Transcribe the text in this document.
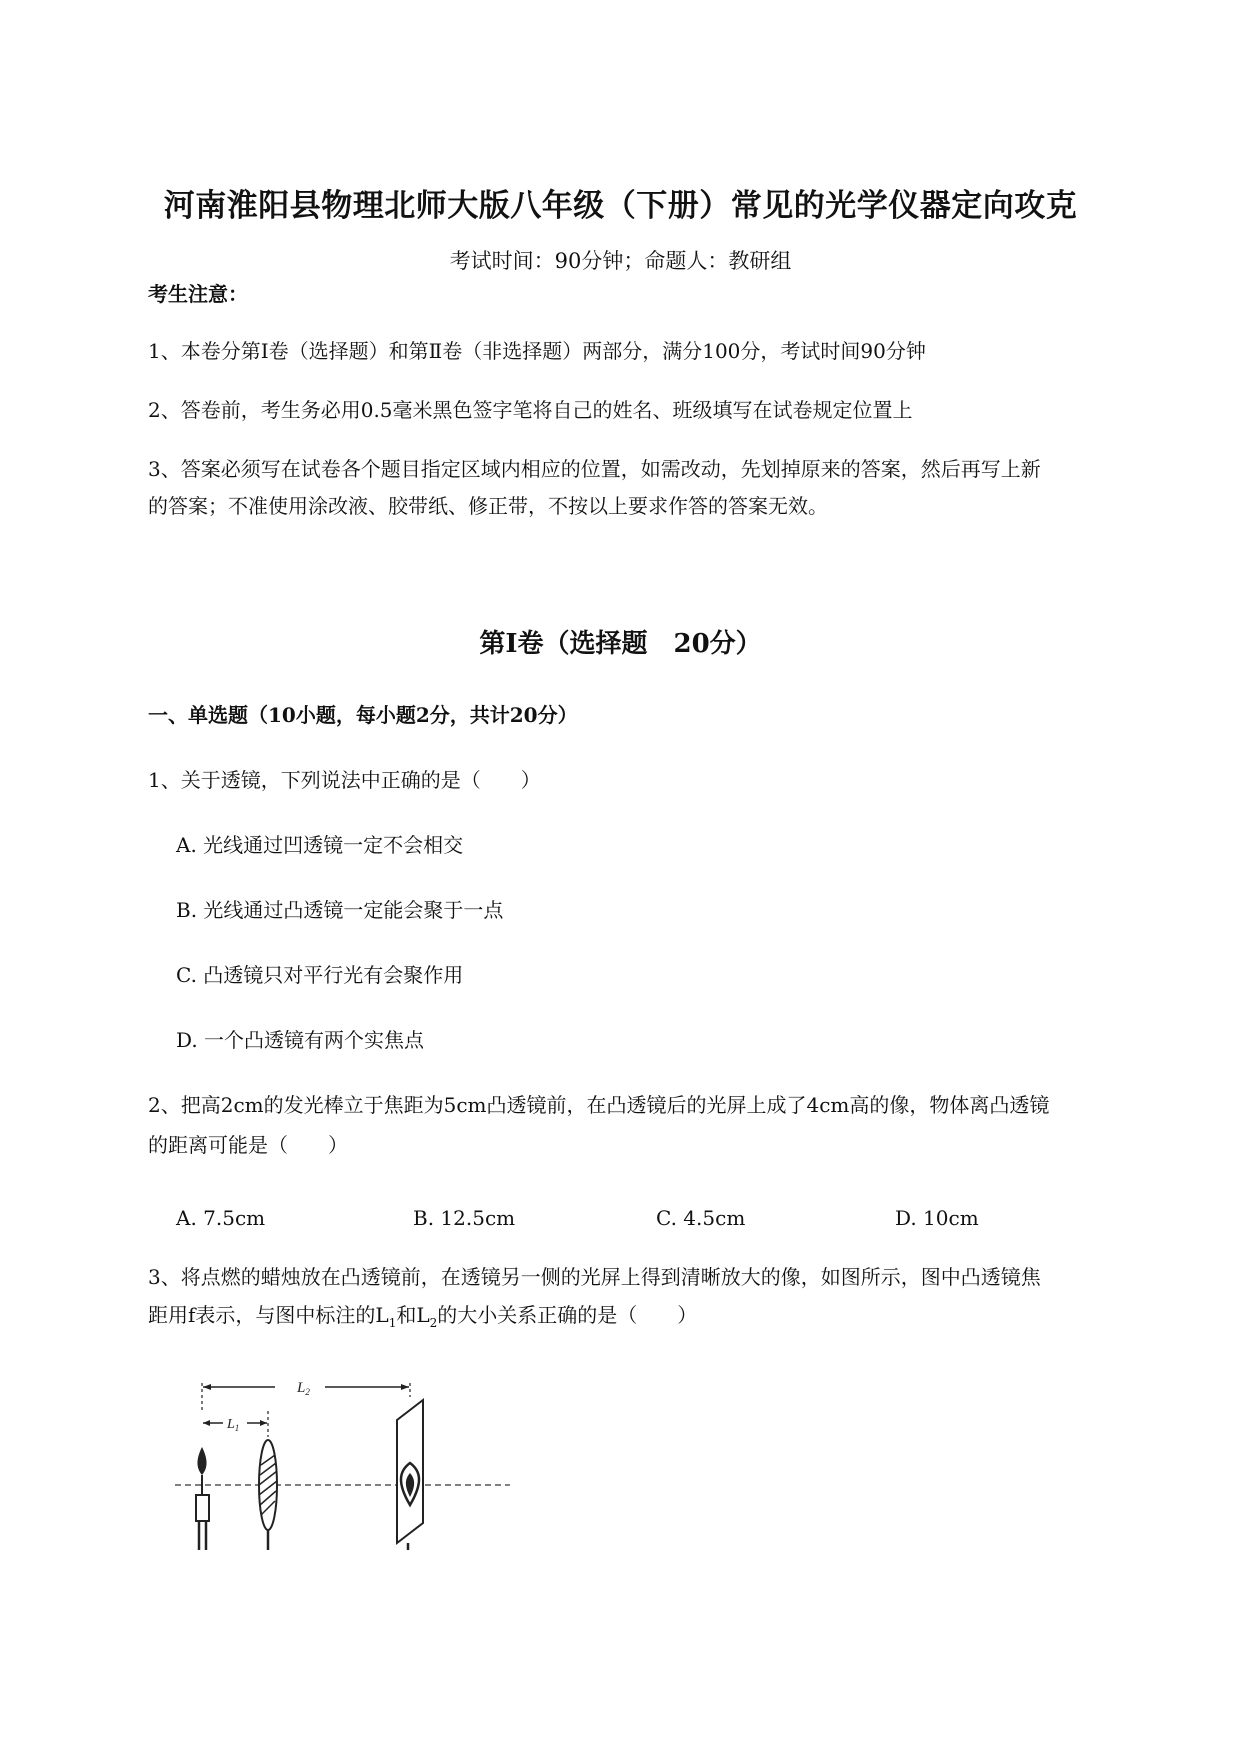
河南淮阳县物理北师大版八年级（下册）常见的光学仪器定向攻克
考试时间：90分钟；命题人：教研组
考生注意：
1、本卷分第I卷（选择题）和第Ⅱ卷（非选择题）两部分，满分100分，考试时间90分钟
2、答卷前，考生务必用0.5毫米黑色签字笔将自己的姓名、班级填写在试卷规定位置上
3、答案必须写在试卷各个题目指定区域内相应的位置，如需改动，先划掉原来的答案，然后再写上新
的答案；不准使用涂改液、胶带纸、修正带，不按以上要求作答的答案无效。
第I卷（选择题　20分）
一、单选题（10小题，每小题2分，共计20分）
1、关于透镜，下列说法中正确的是（　　）
A. 光线通过凹透镜一定不会相交
B. 光线通过凸透镜一定能会聚于一点
C. 凸透镜只对平行光有会聚作用
D. 一个凸透镜有两个实焦点
2、把高2cm的发光棒立于焦距为5cm凸透镜前，在凸透镜后的光屏上成了4cm高的像，物体离凸透镜
的距离可能是（　　）
A. 7.5cm	B. 12.5cm	C. 4.5cm	D. 10cm
3、将点燃的蜡烛放在凸透镜前，在透镜另一侧的光屏上得到清晰放大的像，如图所示，图中凸透镜焦
距用f表示，与图中标注的$L_1$和$L_2$的大小关系正确的是（　　）
$L_2$
$L_1$
